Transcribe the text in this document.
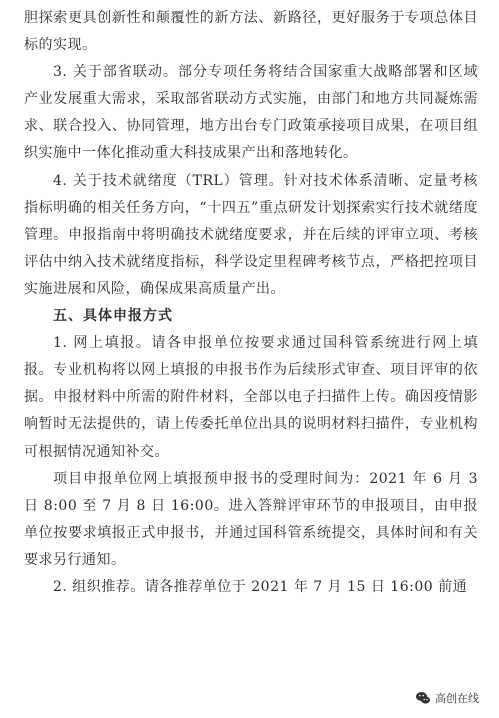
胆探索更具创新性和颠覆性的新方法、新路径，更好服务于专项总体目标的实现。

3. 关于部省联动。部分专项任务将结合国家重大战略部署和区域产业发展重大需求，采取部省联动方式实施，由部门和地方共同凝炼需求、联合投入、协同管理，地方出台专门政策承接项目成果，在项目组织实施中一体化推动重大科技成果产出和落地转化。

4. 关于技术就绪度（TRL）管理。针对技术体系清晰、定量考核指标明确的相关任务方向，“十四五”重点研发计划探索实行技术就绪度管理。申报指南中将明确技术就绪度要求，并在后续的评审立项、考核评估中纳入技术就绪度指标，科学设定里程碑考核节点，严格把控项目实施进展和风险，确保成果高质量产出。

五、具体申报方式

1. 网上填报。请各申报单位按要求通过国科管系统进行网上填报。专业机构将以网上填报的申报书作为后续形式审查、项目评审的依据。申报材料中所需的附件材料，全部以电子扫描件上传。确因疫情影响暂时无法提供的，请上传委托单位出具的说明材料扫描件，专业机构可根据情况通知补交。

项目申报单位网上填报预申报书的受理时间为：2021 年 6 月 3 日 8:00 至 7 月 8 日 16:00。进入答辩评审环节的申报项目，由申报单位按要求填报正式申报书，并通过国科管系统提交，具体时间和有关要求另行通知。

2. 组织推荐。请各推荐单位于 2021 年 7 月 15 日 16:00 前通

高创在线
